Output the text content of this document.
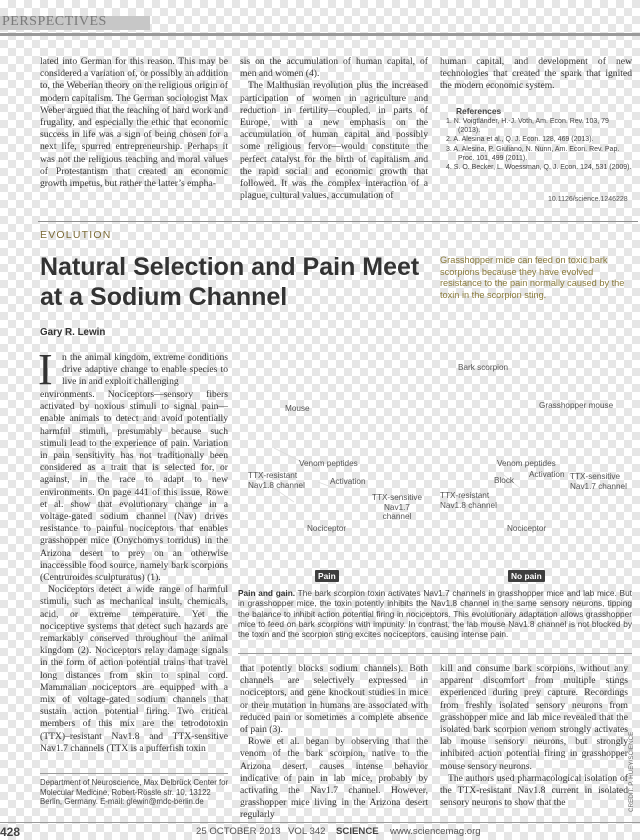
PERSPECTIVES

lated into German for this reason. This may be considered a variation of, or possibly an addition to, the Weberian theory on the religious origin of modern capitalism. The German sociologist Max Weber argued that the teaching of hard work and frugality, and especially the ethic that economic success in life was a sign of being chosen for a next life, spurred entrepreneurship. Perhaps it was not the religious teaching and moral values of Protestantism that created an economic growth impetus, but rather the latter’s empha-

sis on the accumulation of human capital, of men and women (4).

The Malthusian revolution plus the increased participation of women in agriculture and reduction in fertility—coupled, in parts of Europe, with a new emphasis on the accumulation of human capital and possibly some religious fervor—would constitute the perfect catalyst for the birth of capitalism and the rapid social and economic growth that followed. It was the complex interaction of a plague, cultural values, accumulation of

human capital, and development of new technologies that created the spark that ignited the modern economic system.

References
1. N. Voigtländer, H.-J. Voth, Am. Econ. Rev. 103, 79 (2013).
2. A. Alesina et al., Q. J. Econ. 128, 469 (2013).
3. A. Alesina, P. Giuliano, N. Nunn, Am. Econ. Rev. Pap. Proc. 101, 499 (2011).
4. S. O. Becker, L. Woessman, Q. J. Econ. 124, 531 (2009).
10.1126/science.1246228
EVOLUTION
Natural Selection and Pain Meet at a Sodium Channel
Grasshopper mice can feed on toxic bark scorpions because they have evolved resistance to the pain normally caused by the toxin in the scorpion sting.
Gary R. Lewin
I n the animal kingdom, extreme conditions drive adaptive change to enable species to live in and exploit challenging

environments. Nociceptors—sensory fibers activated by noxious stimuli to signal pain—enable animals to detect and avoid potentially harmful stimuli, presumably because such stimuli lead to the experience of pain. Variation in pain sensitivity has not traditionally been considered as a trait that is selected for, or against, in the race to adapt to new environments. On page 441 of this issue, Rowe et al. show that evolutionary change in a voltage-gated sodium channel (Nav) drives resistance to painful nociceptors that enables grasshopper mice (Onychomys torridus) in the Arizona desert to prey on an otherwise inaccessible food source, namely bark scorpions (Centruroides sculpturatus) (1).

Nociceptors detect a wide range of harmful stimuli, such as mechanical insult, chemicals, acid, or extreme temperature. Yet the nociceptive systems that detect such hazards are remarkably conserved throughout the animal kingdom (2). Nociceptors relay damage signals in the form of action potential trains that travel long distances from skin to spinal cord. Mammalian nociceptors are equipped with a mix of voltage-gated sodium channels that sustain action potential firing. Two critical members of this mix are the tetrodotoxin (TTX)–resistant Nav1.8 and TTX-sensitive Nav1.7 channels (TTX is a pufferfish toxin

Bark scorpion
Mouse	Grasshopper mouse
Venom peptides	Venom peptides
TTX-resistant Nav1.8 channel	Activation
TTX-sensitive Nav1.7 channel
Block
Activation TTX-sensitive Nav1.7 channel
TTX-resistant Nav1.8 channel
Nociceptor	Nociceptor
Pain	No pain
Pain and gain. The bark scorpion toxin activates Nav1.7 channels in grasshopper mice and lab mice. But in grasshopper mice, the toxin potently inhibits the Nav1.8 channel in the same sensory neurons, tipping the balance to inhibit action potential firing in nociceptors. This evolutionary adaptation allows grasshopper mice to feed on bark scorpions with impunity. In contrast, the lab mouse Nav1.8 channel is not blocked by the toxin and the scorpion sting excites nociceptors, causing intense pain.

that potently blocks sodium channels). Both channels are selectively expressed in nociceptors, and gene knockout studies in mice or their mutation in humans are associated with reduced pain or sometimes a complete absence of pain (3).

Rowe et al. began by observing that the venom of the bark scorpion, native to the Arizona desert, causes intense behavior indicative of pain in lab mice, probably by activating the Nav1.7 channel. However, grasshopper mice living in the Arizona desert regularly

kill and consume bark scorpions, without any apparent discomfort from multiple stings experienced during prey capture. Recordings from freshly isolated sensory neurons from grasshopper mice and lab mice revealed that the isolated bark scorpion venom strongly activates lab mouse sensory neurons, but strongly inhibited action potential firing in grasshopper mouse sensory neurons.

The authors used pharmacological isolation of the TTX-resistant Nav1.8 current in isolated sensory neurons to show that the

Department of Neuroscience, Max Delbrück Center for Molecular Medicine, Robert-Rössle str. 10, 13122 Berlin, Germany. E-mail: glewin@mdc-berlin.de	CREDIT: P. HUEY/SCIENCE
428	25 OCTOBER 2013 VOL 342 SCIENCE www.sciencemag.org
